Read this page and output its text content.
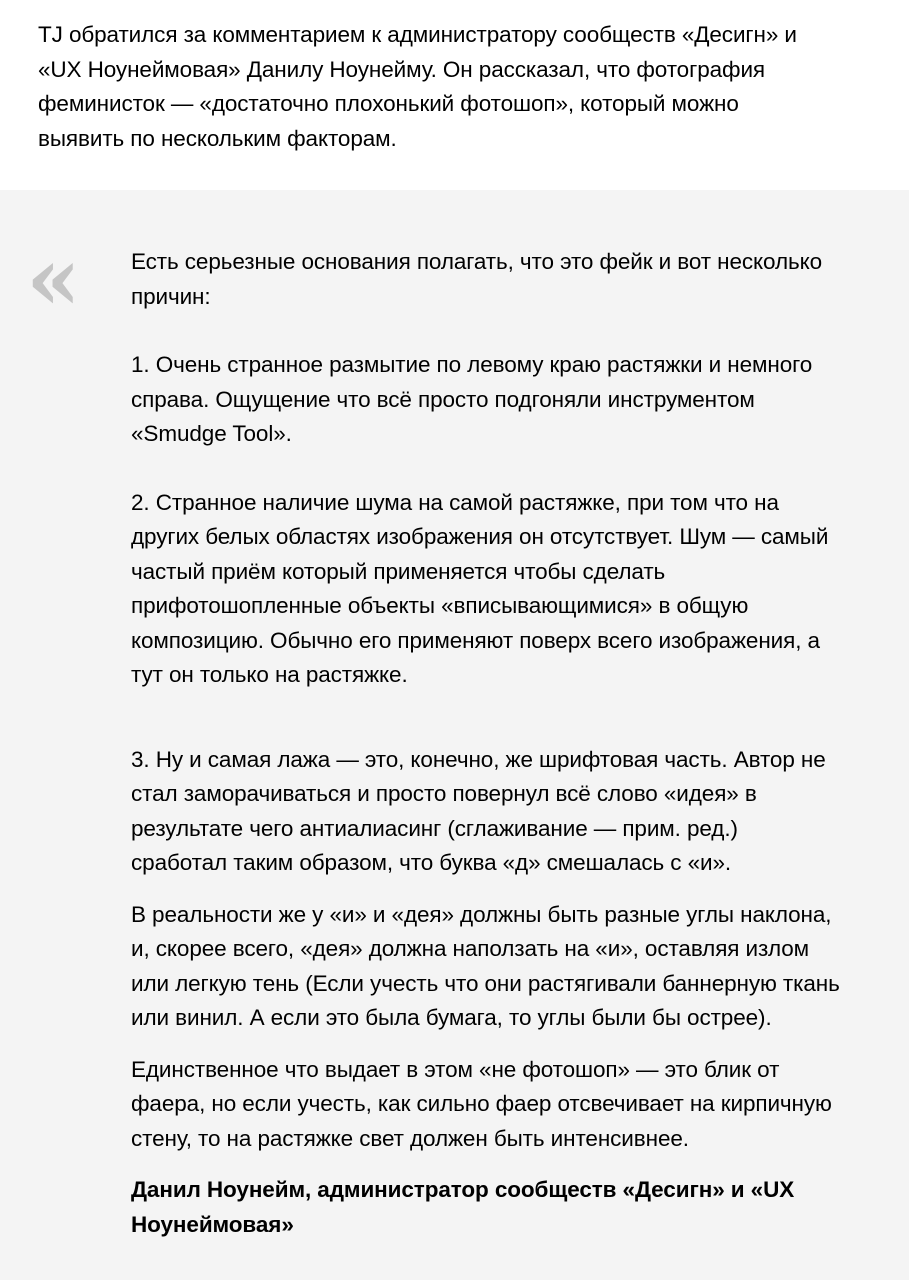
TJ обратился за комментарием к администратору сообществ «Десигн» и
«UX Ноунеймовая» Данилу Ноунейму. Он рассказал, что фотография
феминисток — «достаточно плохонький фотошоп», который можно
выявить по нескольким факторам.

« Есть серьезные основания полагать, что это фейк и вот несколько
причин:

1. Очень странное размытие по левому краю растяжки и немного
справа. Ощущение что всё просто подгоняли инструментом
«Smudge Tool».

2. Странное наличие шума на самой растяжке, при том что на
других белых областях изображения он отсутствует. Шум — самый
частый приём который применяется чтобы сделать
прифотошопленные объекты «вписывающимися» в общую
композицию. Обычно его применяют поверх всего изображения, а
тут он только на растяжке.

3. Ну и самая лажа — это, конечно, же шрифтовая часть. Автор не
стал заморачиваться и просто повернул всё слово «идея» в
результате чего антиалиасинг (сглаживание — прим. ред.)
сработал таким образом, что буква «д» смешалась с «и».

В реальности же у «и» и «дея» должны быть разные углы наклона,
и, скорее всего, «дея» должна наползать на «и», оставляя излом
или легкую тень (Если учесть что они растягивали баннерную ткань
или винил. А если это была бумага, то углы были бы острее).

Единственное что выдает в этом «не фотошоп» — это блик от
фаера, но если учесть, как сильно фаер отсвечивает на кирпичную
стену, то на растяжке свет должен быть интенсивнее.

Данил Ноунейм, администратор сообществ «Десигн» и «UX
Ноунеймовая»
